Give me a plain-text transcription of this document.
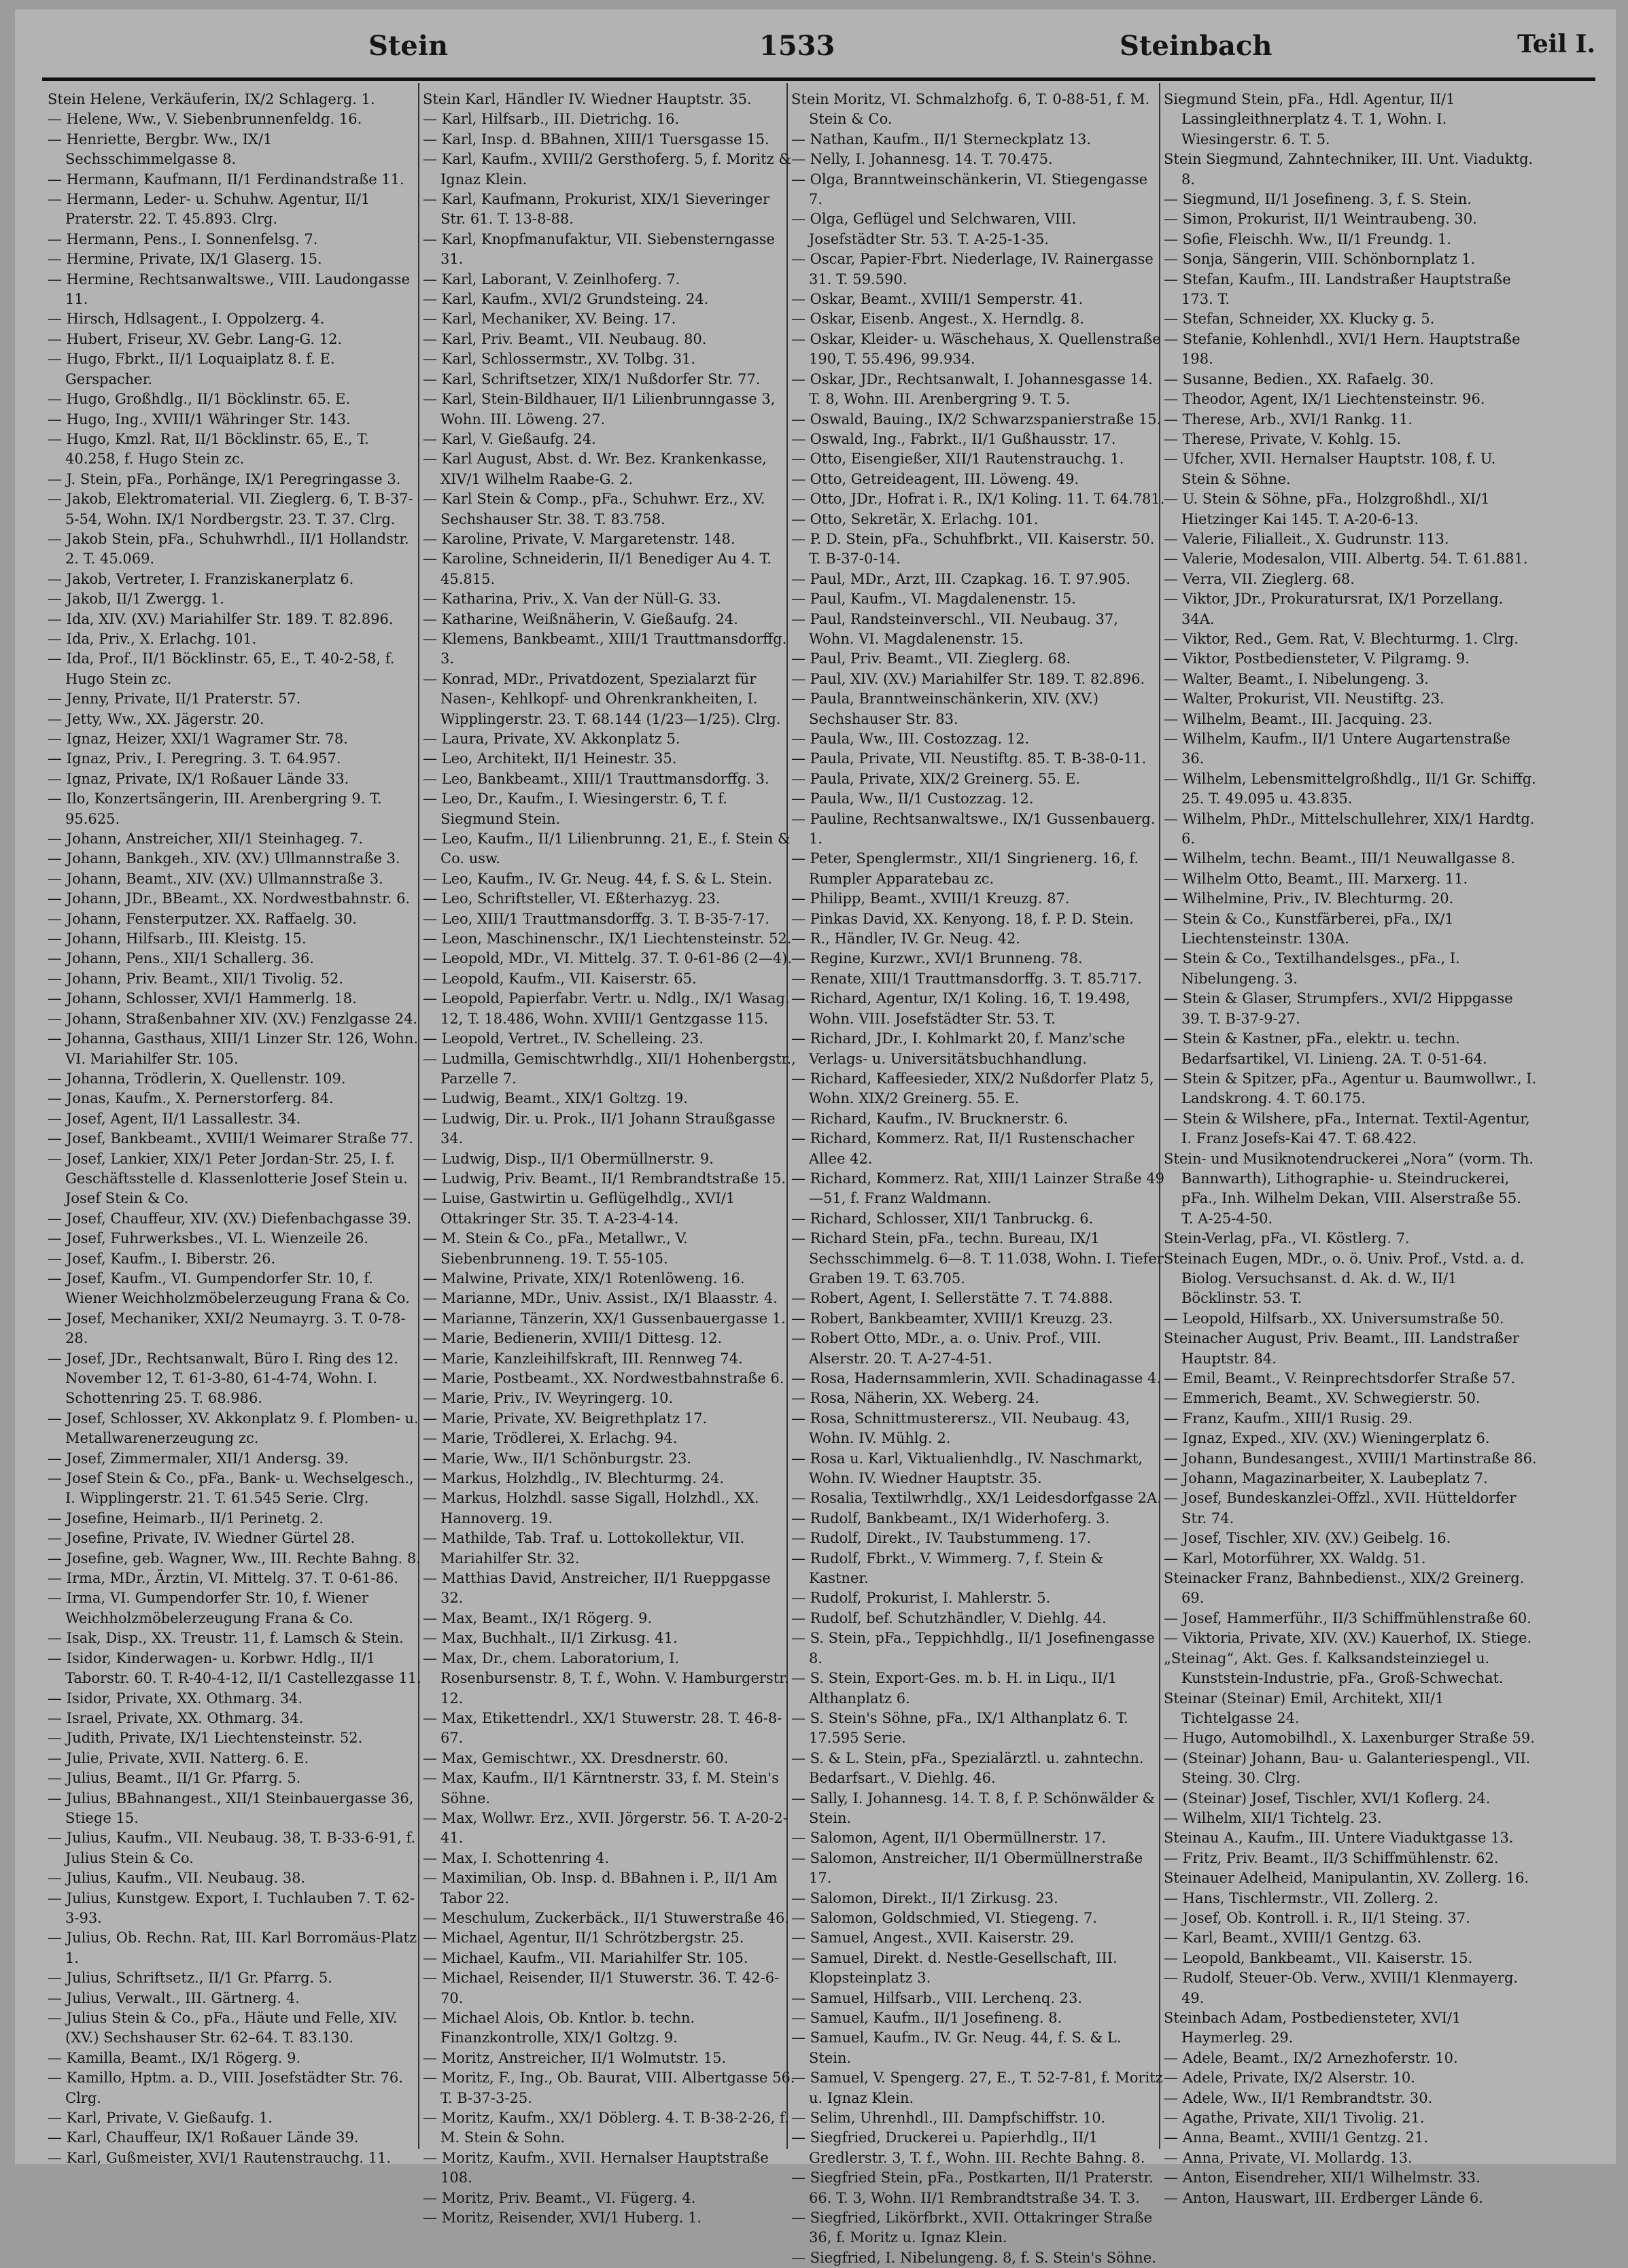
Stein	1533	Steinbach	Teil I.

Stein Helene, Verkäuferin, IX/2 Schlagerg. 1.

— Helene, Ww., V. Siebenbrunnenfeldg. 16.

— Henriette, Bergbr. Ww., IX/1 Sechsschimmelgasse 8.

— Hermann, Kaufmann, II/1 Ferdinandstraße 11.

— Hermann, Leder- u. Schuhw. Agentur, II/1 Praterstr. 22. T. 45.893. Clrg.

— Hermann, Pens., I. Sonnenfelsg. 7.

— Hermine, Private, IX/1 Glaserg. 15.

— Hermine, Rechtsanwaltswe., VIII. Laudongasse 11.

— Hirsch, Hdlsagent., I. Oppolzerg. 4.

— Hubert, Friseur, XV. Gebr. Lang-G. 12.

— Hugo, Fbrkt., II/1 Loquaiplatz 8. f. E. Gerspacher.

— Hugo, Großhdlg., II/1 Böcklinstr. 65. E.

— Hugo, Ing., XVIII/1 Währinger Str. 143.

— Hugo, Kmzl. Rat, II/1 Böcklinstr. 65, E., T. 40.258, f. Hugo Stein zc.

— J. Stein, pFa., Porhänge, IX/1 Peregringasse 3.

— Jakob, Elektromaterial. VII. Zieglerg. 6, T. B-37-5-54, Wohn. IX/1 Nordbergstr. 23. T. 37. Clrg.

— Jakob Stein, pFa., Schuhwrhdl., II/1 Hollandstr. 2. T. 45.069.

— Jakob, Vertreter, I. Franziskanerplatz 6.

— Jakob, II/1 Zwergg. 1.

— Ida, XIV. (XV.) Mariahilfer Str. 189. T. 82.896.

— Ida, Priv., X. Erlachg. 101.

— Ida, Prof., II/1 Böcklinstr. 65, E., T. 40-2-58, f. Hugo Stein zc.

— Jenny, Private, II/1 Praterstr. 57.

— Jetty, Ww., XX. Jägerstr. 20.

— Ignaz, Heizer, XXI/1 Wagramer Str. 78.

— Ignaz, Priv., I. Peregring. 3. T. 64.957.

— Ignaz, Private, IX/1 Roßauer Lände 33.

— Ilo, Konzertsängerin, III. Arenbergring 9. T. 95.625.

— Johann, Anstreicher, XII/1 Steinhageg. 7.

— Johann, Bankgeh., XIV. (XV.) Ullmannstraße 3.

— Johann, Beamt., XIV. (XV.) Ullmannstraße 3.

— Johann, JDr., BBeamt., XX. Nordwestbahnstr. 6.

— Johann, Fensterputzer. XX. Raffaelg. 30.

— Johann, Hilfsarb., III. Kleistg. 15.

— Johann, Pens., XII/1 Schallerg. 36.

— Johann, Priv. Beamt., XII/1 Tivolig. 52.

— Johann, Schlosser, XVI/1 Hammerlg. 18.

— Johann, Straßenbahner XIV. (XV.) Fenzlgasse 24.

— Johanna, Gasthaus, XIII/1 Linzer Str. 126, Wohn. VI. Mariahilfer Str. 105.

— Johanna, Trödlerin, X. Quellenstr. 109.

— Jonas, Kaufm., X. Pernerstorferg. 84.

— Josef, Agent, II/1 Lassallestr. 34.

— Josef, Bankbeamt., XVIII/1 Weimarer Straße 77.

— Josef, Lankier, XIX/1 Peter Jordan-Str. 25, I. f. Geschäftsstelle d. Klassenlotterie Josef Stein u. Josef Stein & Co.

— Josef, Chauffeur, XIV. (XV.) Diefenbachgasse 39.

— Josef, Fuhrwerksbes., VI. L. Wienzeile 26.

— Josef, Kaufm., I. Biberstr. 26.

— Josef, Kaufm., VI. Gumpendorfer Str. 10, f. Wiener Weichholzmöbelerzeugung Frana & Co.

— Josef, Mechaniker, XXI/2 Neumayrg. 3. T. 0-78-28.

— Josef, JDr., Rechtsanwalt, Büro I. Ring des 12. November 12, T. 61-3-80, 61-4-74, Wohn. I. Schottenring 25. T. 68.986.

— Josef, Schlosser, XV. Akkonplatz 9. f. Plomben- u. Metallwarenerzeugung zc.

— Josef, Zimmermaler, XII/1 Andersg. 39.

— Josef Stein & Co., pFa., Bank- u. Wechselgesch., I. Wipplingerstr. 21. T. 61.545 Serie. Clrg.

— Josefine, Heimarb., II/1 Perinetg. 2.

— Josefine, Private, IV. Wiedner Gürtel 28.

— Josefine, geb. Wagner, Ww., III. Rechte Bahng. 8.

— Irma, MDr., Ärztin, VI. Mittelg. 37. T. 0-61-86.

— Irma, VI. Gumpendorfer Str. 10, f. Wiener Weichholzmöbelerzeugung Frana & Co.

— Isak, Disp., XX. Treustr. 11, f. Lamsch & Stein.

— Isidor, Kinderwagen- u. Korbwr. Hdlg., II/1 Taborstr. 60. T. R-40-4-12, II/1 Castellezgasse 11.

— Isidor, Private, XX. Othmarg. 34.

— Israel, Private, XX. Othmarg. 34.

— Judith, Private, IX/1 Liechtensteinstr. 52.

— Julie, Private, XVII. Natterg. 6. E.

— Julius, Beamt., II/1 Gr. Pfarrg. 5.

— Julius, BBahnangest., XII/1 Steinbauergasse 36, Stiege 15.

— Julius, Kaufm., VII. Neubaug. 38, T. B-33-6-91, f. Julius Stein & Co.

— Julius, Kaufm., VII. Neubaug. 38.

— Julius, Kunstgew. Export, I. Tuchlauben 7. T. 62-3-93.

— Julius, Ob. Rechn. Rat, III. Karl Borromäus-Platz 1.

— Julius, Schriftsetz., II/1 Gr. Pfarrg. 5.

— Julius, Verwalt., III. Gärtnerg. 4.

— Julius Stein & Co., pFa., Häute und Felle, XIV. (XV.) Sechshauser Str. 62–64. T. 83.130.

— Kamilla, Beamt., IX/1 Rögerg. 9.

— Kamillo, Hptm. a. D., VIII. Josefstädter Str. 76. Clrg.

— Karl, Private, V. Gießaufg. 1.

— Karl, Chauffeur, IX/1 Roßauer Lände 39.

— Karl, Gußmeister, XVI/1 Rautenstrauchg. 11.

Stein Karl, Händler IV. Wiedner Hauptstr. 35.

— Karl, Hilfsarb., III. Dietrichg. 16.

— Karl, Insp. d. BBahnen, XIII/1 Tuersgasse 15.

— Karl, Kaufm., XVIII/2 Gersthoferg. 5, f. Moritz & Ignaz Klein.

— Karl, Kaufmann, Prokurist, XIX/1 Sieveringer Str. 61. T. 13-8-88.

— Karl, Knopfmanufaktur, VII. Siebensterngasse 31.

— Karl, Laborant, V. Zeinlhoferg. 7.

— Karl, Kaufm., XVI/2 Grundsteing. 24.

— Karl, Mechaniker, XV. Being. 17.

— Karl, Priv. Beamt., VII. Neubaug. 80.

— Karl, Schlossermstr., XV. Tolbg. 31.

— Karl, Schriftsetzer, XIX/1 Nußdorfer Str. 77.

— Karl, Stein-Bildhauer, II/1 Lilienbrunngasse 3, Wohn. III. Löweng. 27.

— Karl, V. Gießaufg. 24.

— Karl August, Abst. d. Wr. Bez. Krankenkasse, XIV/1 Wilhelm Raabe-G. 2.

— Karl Stein & Comp., pFa., Schuhwr. Erz., XV. Sechshauser Str. 38. T. 83.758.

— Karoline, Private, V. Margaretenstr. 148.

— Karoline, Schneiderin, II/1 Benediger Au 4. T. 45.815.

— Katharina, Priv., X. Van der Nüll-G. 33.

— Katharine, Weißnäherin, V. Gießaufg. 24.

— Klemens, Bankbeamt., XIII/1 Trauttmansdorffg. 3.

— Konrad, MDr., Privatdozent, Spezialarzt für Nasen-, Kehlkopf- und Ohrenkrankheiten, I. Wipplingerstr. 23. T. 68.144 (1/23—1/25). Clrg.

— Laura, Private, XV. Akkonplatz 5.

— Leo, Architekt, II/1 Heinestr. 35.

— Leo, Bankbeamt., XIII/1 Trauttmansdorffg. 3.

— Leo, Dr., Kaufm., I. Wiesingerstr. 6, T. f. Siegmund Stein.

— Leo, Kaufm., II/1 Lilienbrunng. 21, E., f. Stein & Co. usw.

— Leo, Kaufm., IV. Gr. Neug. 44, f. S. & L. Stein.

— Leo, Schriftsteller, VI. Eßterhazyg. 23.

— Leo, XIII/1 Trauttmansdorffg. 3. T. B-35-7-17.

— Leon, Maschinenschr., IX/1 Liechtensteinstr. 52.

— Leopold, MDr., VI. Mittelg. 37. T. 0-61-86 (2—4).

— Leopold, Kaufm., VII. Kaiserstr. 65.

— Leopold, Papierfabr. Vertr. u. Ndlg., IX/1 Wasag. 12, T. 18.486, Wohn. XVIII/1 Gentzgasse 115.

— Leopold, Vertret., IV. Schelleing. 23.

— Ludmilla, Gemischtwrhdlg., XII/1 Hohenbergstr., Parzelle 7.

— Ludwig, Beamt., XIX/1 Goltzg. 19.

— Ludwig, Dir. u. Prok., II/1 Johann Straußgasse 34.

— Ludwig, Disp., II/1 Obermüllnerstr. 9.

— Ludwig, Priv. Beamt., II/1 Rembrandtstraße 15.

— Luise, Gastwirtin u. Geflügelhdlg., XVI/1 Ottakringer Str. 35. T. A-23-4-14.

— M. Stein & Co., pFa., Metallwr., V. Siebenbrunneng. 19. T. 55-105.

— Malwine, Private, XIX/1 Rotenlöweng. 16.

— Marianne, MDr., Univ. Assist., IX/1 Blaasstr. 4.

— Marianne, Tänzerin, XX/1 Gussenbauergasse 1.

— Marie, Bedienerin, XVIII/1 Dittesg. 12.

— Marie, Kanzleihilfskraft, III. Rennweg 74.

— Marie, Postbeamt., XX. Nordwestbahnstraße 6.

— Marie, Priv., IV. Weyringerg. 10.

— Marie, Private, XV. Beigrethplatz 17.

— Marie, Trödlerei, X. Erlachg. 94.

— Marie, Ww., II/1 Schönburgstr. 23.

— Markus, Holzhdlg., IV. Blechturmg. 24.

— Markus, Holzhdl. sasse Sigall, Holzhdl., XX. Hannoverg. 19.

— Mathilde, Tab. Traf. u. Lottokollektur, VII. Mariahilfer Str. 32.

— Matthias David, Anstreicher, II/1 Rueppgasse 32.

— Max, Beamt., IX/1 Rögerg. 9.

— Max, Buchhalt., II/1 Zirkusg. 41.

— Max, Dr., chem. Laboratorium, I. Rosenbursenstr. 8, T. f., Wohn. V. Hamburgerstr. 12.

— Max, Etikettendrl., XX/1 Stuwerstr. 28. T. 46-8-67.

— Max, Gemischtwr., XX. Dresdnerstr. 60.

— Max, Kaufm., II/1 Kärntnerstr. 33, f. M. Stein's Söhne.

— Max, Wollwr. Erz., XVII. Jörgerstr. 56. T. A-20-2-41.

— Max, I. Schottenring 4.

— Maximilian, Ob. Insp. d. BBahnen i. P., II/1 Am Tabor 22.

— Meschulum, Zuckerbäck., II/1 Stuwerstraße 46.

— Michael, Agentur, II/1 Schrötzbergstr. 25.

— Michael, Kaufm., VII. Mariahilfer Str. 105.

— Michael, Reisender, II/1 Stuwerstr. 36. T. 42-6-70.

— Michael Alois, Ob. Kntlor. b. techn. Finanzkontrolle, XIX/1 Goltzg. 9.

— Moritz, Anstreicher, II/1 Wolmutstr. 15.

— Moritz, F., Ing., Ob. Baurat, VIII. Albertgasse 56. T. B-37-3-25.

— Moritz, Kaufm., XX/1 Döblerg. 4. T. B-38-2-26, f. M. Stein & Sohn.

— Moritz, Kaufm., XVII. Hernalser Hauptstraße 108.

— Moritz, Priv. Beamt., VI. Fügerg. 4.

— Moritz, Reisender, XVI/1 Huberg. 1.

Stein Moritz, VI. Schmalzhofg. 6, T. 0-88-51, f. M. Stein & Co.

— Nathan, Kaufm., II/1 Sterneckplatz 13.

— Nelly, I. Johannesg. 14. T. 70.475.

— Olga, Branntweinschänkerin, VI. Stiegengasse 7.

— Olga, Geflügel und Selchwaren, VIII. Josefstädter Str. 53. T. A-25-1-35.

— Oscar, Papier-Fbrt. Niederlage, IV. Rainergasse 31. T. 59.590.

— Oskar, Beamt., XVIII/1 Semperstr. 41.

— Oskar, Eisenb. Angest., X. Herndlg. 8.

— Oskar, Kleider- u. Wäschehaus, X. Quellenstraße 190, T. 55.496, 99.934.

— Oskar, JDr., Rechtsanwalt, I. Johannesgasse 14. T. 8, Wohn. III. Arenbergring 9. T. 5.

— Oswald, Bauing., IX/2 Schwarzspanierstraße 15.

— Oswald, Ing., Fabrkt., II/1 Gußhausstr. 17.

— Otto, Eisengießer, XII/1 Rautenstrauchg. 1.

— Otto, Getreideagent, III. Löweng. 49.

— Otto, JDr., Hofrat i. R., IX/1 Koling. 11. T. 64.781.

— Otto, Sekretär, X. Erlachg. 101.

— P. D. Stein, pFa., Schuhfbrkt., VII. Kaiserstr. 50. T. B-37-0-14.

— Paul, MDr., Arzt, III. Czapkag. 16. T. 97.905.

— Paul, Kaufm., VI. Magdalenenstr. 15.

— Paul, Randsteinverschl., VII. Neubaug. 37, Wohn. VI. Magdalenenstr. 15.

— Paul, Priv. Beamt., VII. Zieglerg. 68.

— Paul, XIV. (XV.) Mariahilfer Str. 189. T. 82.896.

— Paula, Branntweinschänkerin, XIV. (XV.) Sechshauser Str. 83.

— Paula, Ww., III. Costozzag. 12.

— Paula, Private, VII. Neustiftg. 85. T. B-38-0-11.

— Paula, Private, XIX/2 Greinerg. 55. E.

— Paula, Ww., II/1 Custozzag. 12.

— Pauline, Rechtsanwaltswe., IX/1 Gussenbauerg. 1.

— Peter, Spenglermstr., XII/1 Singrienerg. 16, f. Rumpler Apparatebau zc.

— Philipp, Beamt., XVIII/1 Kreuzg. 87.

— Pinkas David, XX. Kenyong. 18, f. P. D. Stein.

— R., Händler, IV. Gr. Neug. 42.

— Regine, Kurzwr., XVI/1 Brunneng. 78.

— Renate, XIII/1 Trauttmansdorffg. 3. T. 85.717.

— Richard, Agentur, IX/1 Koling. 16, T. 19.498, Wohn. VIII. Josefstädter Str. 53. T.

— Richard, JDr., I. Kohlmarkt 20, f. Manz'sche Verlags- u. Universitätsbuchhandlung.

— Richard, Kaffeesieder, XIX/2 Nußdorfer Platz 5, Wohn. XIX/2 Greinerg. 55. E.

— Richard, Kaufm., IV. Brucknerstr. 6.

— Richard, Kommerz. Rat, II/1 Rustenschacher Allee 42.

— Richard, Kommerz. Rat, XIII/1 Lainzer Straße 49—51, f. Franz Waldmann.

— Richard, Schlosser, XII/1 Tanbruckg. 6.

— Richard Stein, pFa., techn. Bureau, IX/1 Sechsschimmelg. 6—8. T. 11.038, Wohn. I. Tiefer Graben 19. T. 63.705.

— Robert, Agent, I. Sellerstätte 7. T. 74.888.

— Robert, Bankbeamter, XVIII/1 Kreuzg. 23.

— Robert Otto, MDr., a. o. Univ. Prof., VIII. Alserstr. 20. T. A-27-4-51.

— Rosa, Hadernsammlerin, XVII. Schadinagasse 4.

— Rosa, Näherin, XX. Weberg. 24.

— Rosa, Schnittmusterersz., VII. Neubaug. 43, Wohn. IV. Mühlg. 2.

— Rosa u. Karl, Viktualienhdlg., IV. Naschmarkt, Wohn. IV. Wiedner Hauptstr. 35.

— Rosalia, Textilwrhdlg., XX/1 Leidesdorfgasse 2A.

— Rudolf, Bankbeamt., IX/1 Widerhoferg. 3.

— Rudolf, Direkt., IV. Taubstummeng. 17.

— Rudolf, Fbrkt., V. Wimmerg. 7, f. Stein & Kastner.

— Rudolf, Prokurist, I. Mahlerstr. 5.

— Rudolf, bef. Schutzhändler, V. Diehlg. 44.

— S. Stein, pFa., Teppichhdlg., II/1 Josefinengasse 8.

— S. Stein, Export-Ges. m. b. H. in Liqu., II/1 Althanplatz 6.

— S. Stein's Söhne, pFa., IX/1 Althanplatz 6. T. 17.595 Serie.

— S. & L. Stein, pFa., Spezialärztl. u. zahntechn. Bedarfsart., V. Diehlg. 46.

— Sally, I. Johannesg. 14. T. 8, f. P. Schönwälder & Stein.

— Salomon, Agent, II/1 Obermüllnerstr. 17.

— Salomon, Anstreicher, II/1 Obermüllnerstraße 17.

— Salomon, Direkt., II/1 Zirkusg. 23.

— Salomon, Goldschmied, VI. Stiegeng. 7.

— Samuel, Angest., XVII. Kaiserstr. 29.

— Samuel, Direkt. d. Nestle-Gesellschaft, III. Klopsteinplatz 3.

— Samuel, Hilfsarb., VIII. Lerchenq. 23.

— Samuel, Kaufm., II/1 Josefineng. 8.

— Samuel, Kaufm., IV. Gr. Neug. 44, f. S. & L. Stein.

— Samuel, V. Spengerg. 27, E., T. 52-7-81, f. Moritz u. Ignaz Klein.

— Selim, Uhrenhdl., III. Dampfschiffstr. 10.

— Siegfried, Druckerei u. Papierhdlg., II/1 Gredlerstr. 3, T. f., Wohn. III. Rechte Bahng. 8.

— Siegfried Stein, pFa., Postkarten, II/1 Praterstr. 66. T. 3, Wohn. II/1 Rembrandtstraße 34. T. 3.

— Siegfried, Likörfbrkt., XVII. Ottakringer Straße 36, f. Moritz u. Ignaz Klein.

— Siegfried, I. Nibelungeng. 8, f. S. Stein's Söhne.

Siegmund Stein, pFa., Hdl. Agentur, II/1 Lassingleithnerplatz 4. T. 1, Wohn. I. Wiesingerstr. 6. T. 5.

Stein Siegmund, Zahntechniker, III. Unt. Viaduktg. 8.

— Siegmund, II/1 Josefineng. 3, f. S. Stein.

— Simon, Prokurist, II/1 Weintraubeng. 30.

— Sofie, Fleischh. Ww., II/1 Freundg. 1.

— Sonja, Sängerin, VIII. Schönbornplatz 1.

— Stefan, Kaufm., III. Landstraßer Hauptstraße 173. T.

— Stefan, Schneider, XX. Klucky g. 5.

— Stefanie, Kohlenhdl., XVI/1 Hern. Hauptstraße 198.

— Susanne, Bedien., XX. Rafaelg. 30.

— Theodor, Agent, IX/1 Liechtensteinstr. 96.

— Therese, Arb., XVI/1 Rankg. 11.

— Therese, Private, V. Kohlg. 15.

— Ufcher, XVII. Hernalser Hauptstr. 108, f. U. Stein & Söhne.

— U. Stein & Söhne, pFa., Holzgroßhdl., XI/1 Hietzinger Kai 145. T. A-20-6-13.

— Valerie, Filialleit., X. Gudrunstr. 113.

— Valerie, Modesalon, VIII. Albertg. 54. T. 61.881.

— Verra, VII. Zieglerg. 68.

— Viktor, JDr., Prokuratursrat, IX/1 Porzellang. 34A.

— Viktor, Red., Gem. Rat, V. Blechturmg. 1. Clrg.

— Viktor, Postbediensteter, V. Pilgramg. 9.

— Walter, Beamt., I. Nibelungeng. 3.

— Walter, Prokurist, VII. Neustiftg. 23.

— Wilhelm, Beamt., III. Jacquing. 23.

— Wilhelm, Kaufm., II/1 Untere Augartenstraße 36.

— Wilhelm, Lebensmittelgroßhdlg., II/1 Gr. Schiffg. 25. T. 49.095 u. 43.835.

— Wilhelm, PhDr., Mittelschullehrer, XIX/1 Hardtg. 6.

— Wilhelm, techn. Beamt., III/1 Neuwallgasse 8.

— Wilhelm Otto, Beamt., III. Marxerg. 11.

— Wilhelmine, Priv., IV. Blechturmg. 20.

— Stein & Co., Kunstfärberei, pFa., IX/1 Liechtensteinstr. 130A.

— Stein & Co., Textilhandelsges., pFa., I. Nibelungeng. 3.

— Stein & Glaser, Strumpfers., XVI/2 Hippgasse 39. T. B-37-9-27.

— Stein & Kastner, pFa., elektr. u. techn. Bedarfsartikel, VI. Linieng. 2A. T. 0-51-64.

— Stein & Spitzer, pFa., Agentur u. Baumwollwr., I. Landskrong. 4. T. 60.175.

— Stein & Wilshere, pFa., Internat. Textil-Agentur, I. Franz Josefs-Kai 47. T. 68.422.

Stein- und Musiknotendruckerei „Nora“ (vorm. Th. Bannwarth), Lithographie- u. Steindruckerei, pFa., Inh. Wilhelm Dekan, VIII. Alserstraße 55. T. A-25-4-50.

Stein-Verlag, pFa., VI. Köstlerg. 7.

Steinach Eugen, MDr., o. ö. Univ. Prof., Vstd. a. d. Biolog. Versuchsanst. d. Ak. d. W., II/1 Böcklinstr. 53. T.

— Leopold, Hilfsarb., XX. Universumstraße 50.

Steinacher August, Priv. Beamt., III. Landstraßer Hauptstr. 84.

— Emil, Beamt., V. Reinprechtsdorfer Straße 57.

— Emmerich, Beamt., XV. Schwegierstr. 50.

— Franz, Kaufm., XIII/1 Rusig. 29.

— Ignaz, Exped., XIV. (XV.) Wieningerplatz 6.

— Johann, Bundesangest., XVIII/1 Martinstraße 86.

— Johann, Magazinarbeiter, X. Laubeplatz 7.

— Josef, Bundeskanzlei-Offzl., XVII. Hütteldorfer Str. 74.

— Josef, Tischler, XIV. (XV.) Geibelg. 16.

— Karl, Motorführer, XX. Waldg. 51.

Steinacker Franz, Bahnbedienst., XIX/2 Greinerg. 69.

— Josef, Hammerführ., II/3 Schiffmühlenstraße 60.

— Viktoria, Private, XIV. (XV.) Kauerhof, IX. Stiege.

„Steinag“, Akt. Ges. f. Kalksandsteinziegel u. Kunststein-Industrie, pFa., Groß-Schwechat.

Steinar (Steinar) Emil, Architekt, XII/1 Tichtelgasse 24.

— Hugo, Automobilhdl., X. Laxenburger Straße 59.

— (Steinar) Johann, Bau- u. Galanteriespengl., VII. Steing. 30. Clrg.

— (Steinar) Josef, Tischler, XVI/1 Koflerg. 24.

— Wilhelm, XII/1 Tichtelg. 23.

Steinau A., Kaufm., III. Untere Viaduktgasse 13.

— Fritz, Priv. Beamt., II/3 Schiffmühlenstr. 62.

Steinauer Adelheid, Manipulantin, XV. Zollerg. 16.

— Hans, Tischlermstr., VII. Zollerg. 2.

— Josef, Ob. Kontroll. i. R., II/1 Steing. 37.

— Karl, Beamt., XVIII/1 Gentzg. 63.

— Leopold, Bankbeamt., VII. Kaiserstr. 15.

— Rudolf, Steuer-Ob. Verw., XVIII/1 Klenmayerg. 49.

Steinbach Adam, Postbediensteter, XVI/1 Haymerleg. 29.

— Adele, Beamt., IX/2 Arnezhoferstr. 10.

— Adele, Private, IX/2 Alserstr. 10.

— Adele, Ww., II/1 Rembrandtstr. 30.

— Agathe, Private, XII/1 Tivolig. 21.

— Anna, Beamt., XVIII/1 Gentzg. 21.

— Anna, Private, VI. Mollardg. 13.

— Anton, Eisendreher, XII/1 Wilhelmstr. 33.

— Anton, Hauswart, III. Erdberger Lände 6.
